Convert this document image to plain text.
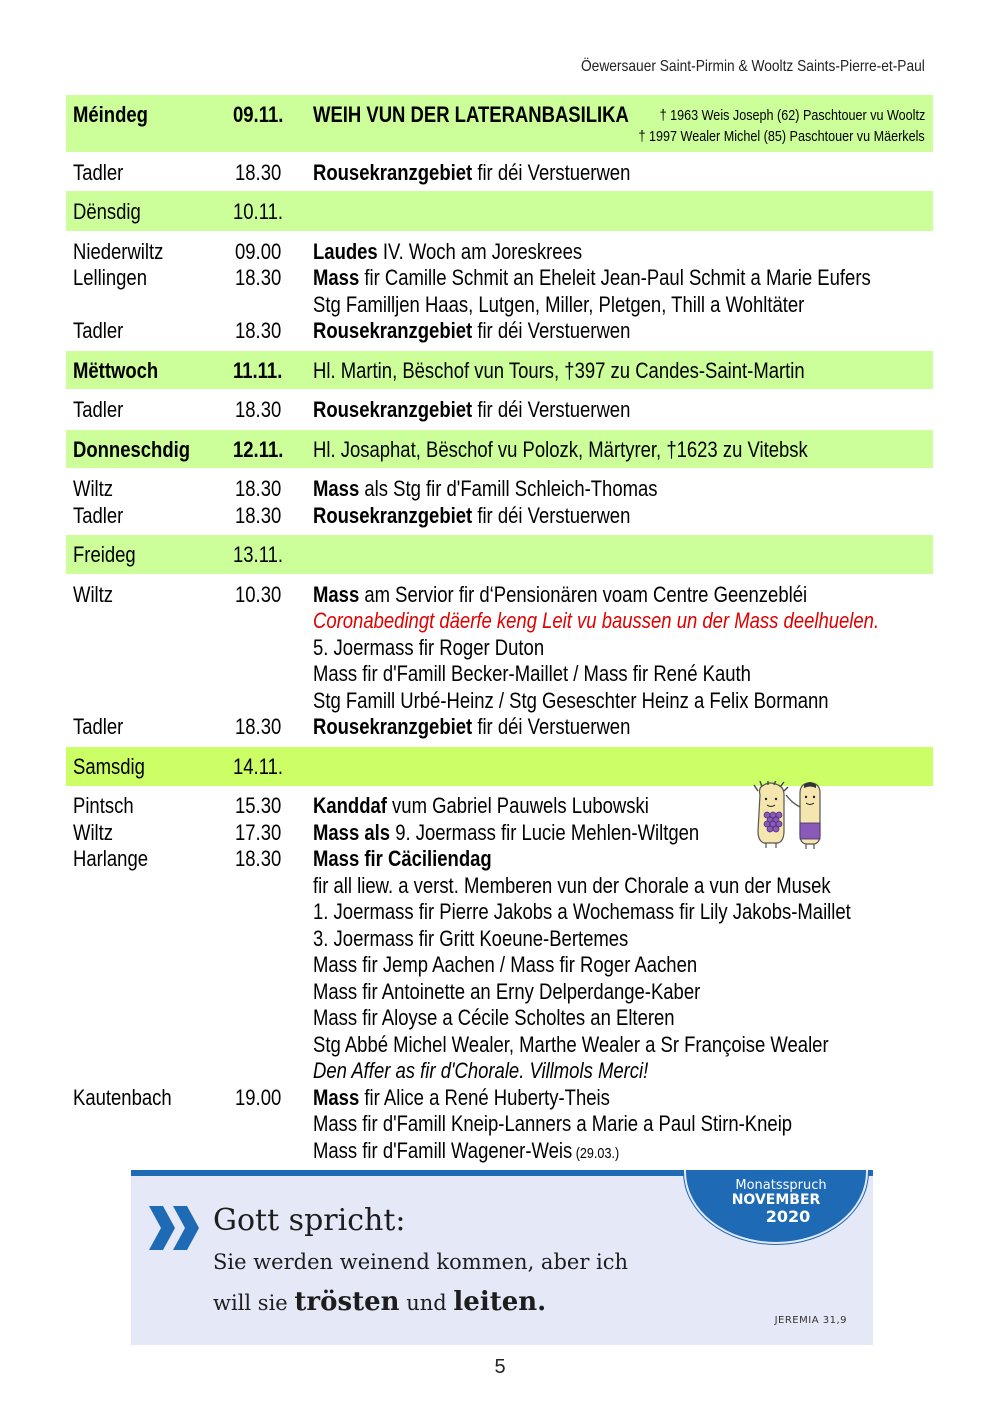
Öewersauer Saint-Pirmin & Wooltz Saints-Pierre-et-Paul
Méindeg	09.11. WEIH VUN DER LATERANBASILIKA † 1963 Weis Joseph (62) Paschtouer vu Wooltz
† 1997 Wealer Michel (85) Paschtouer vu Mäerkels
Tadler	18.30 Rousekranzgebiet fir déi Verstuerwen
Dënsdig	10.11.
Niederwiltz	09.00 Laudes IV. Woch am Joreskrees
Lellingen	18.30 Mass fir Camille Schmit an Eheleit Jean-Paul Schmit a Marie Eufers
Stg Familljen Haas, Lutgen, Miller, Pletgen, Thill a Wohltäter
Tadler	18.30 Rousekranzgebiet fir déi Verstuerwen
Mëttwoch	11.11. Hl. Martin, Bëschof vun Tours, †397 zu Candes-Saint-Martin
Tadler	18.30 Rousekranzgebiet fir déi Verstuerwen
Donneschdig 12.11. Hl. Josaphat, Bëschof vu Polozk, Märtyrer, †1623 zu Vitebsk
Wiltz	18.30 Mass als Stg fir d'Famill Schleich-Thomas
Tadler	18.30 Rousekranzgebiet fir déi Verstuerwen
Freideg	13.11.
Wiltz	10.30 Mass am Servior fir d‘Pensionären voam Centre Geenzebléi
Coronabedingt däerfe keng Leit vu baussen un der Mass deelhuelen.
5. Joermass fir Roger Duton
Mass fir d'Famill Becker-Maillet / Mass fir René Kauth
Stg Famill Urbé-Heinz / Stg Geseschter Heinz a Felix Bormann
Tadler	18.30 Rousekranzgebiet fir déi Verstuerwen
Samsdig	14.11.
Pintsch	15.30 Kanddaf vum Gabriel Pauwels Lubowski
Wiltz	17.30 Mass als 9. Joermass fir Lucie Mehlen-Wiltgen
Harlange	18.30 Mass fir Cäciliendag
fir all liew. a verst. Memberen vun der Chorale a vun der Musek
1. Joermass fir Pierre Jakobs a Wochemass fir Lily Jakobs-Maillet
3. Joermass fir Gritt Koeune-Bertemes
Mass fir Jemp Aachen / Mass fir Roger Aachen
Mass fir Antoinette an Erny Delperdange-Kaber
Mass fir Aloyse a Cécile Scholtes an Elteren
Stg Abbé Michel Wealer, Marthe Wealer a Sr Françoise Wealer
Den Affer as fir d'Chorale. Villmols Merci!
Kautenbach	19.00 Mass fir Alice a René Huberty-Theis
Mass fir d'Famill Kneip-Lanners a Marie a Paul Stirn-Kneip
Mass fir d'Famill Wagener-Weis (29.03.)
Monatsspruch
NOVEMBER
2020
Gott spricht:
Sie werden weinend kommen, aber ich
will sie trösten und leiten.
JEREMIA 31,9
5
